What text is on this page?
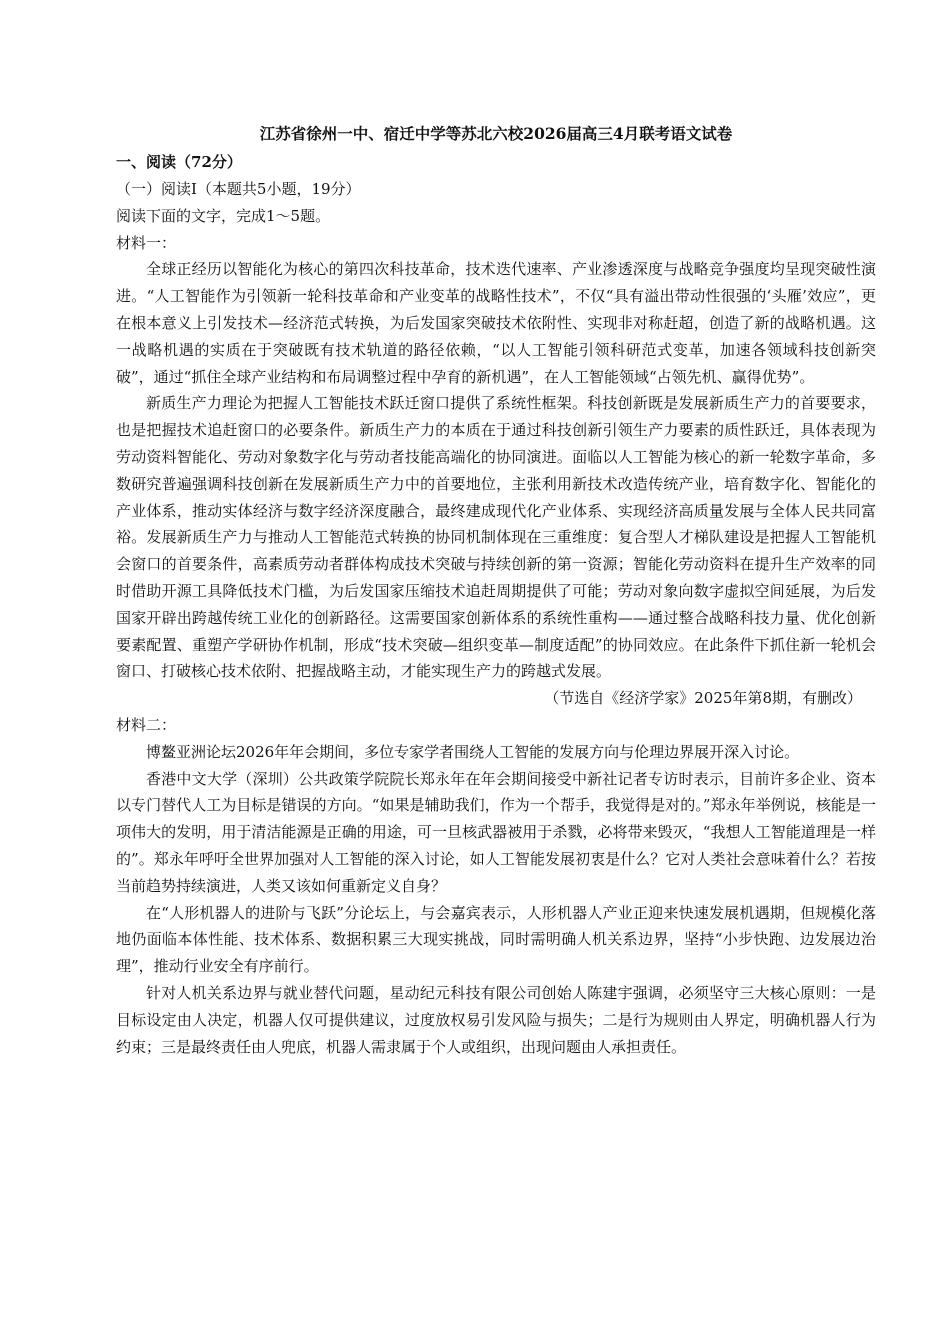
江苏省徐州一中、宿迁中学等苏北六校2026届高三4月联考语文试卷

一、阅读（72分）

（一）阅读Ⅰ（本题共5小题，19分）

阅读下面的文字，完成1～5题。

材料一：

全球正经历以智能化为核心的第四次科技革命，技术迭代速率、产业渗透深度与战略竞争强度均呈现突破性演进。“人工智能作为引领新一轮科技革命和产业变革的战略性技术”，不仅“具有溢出带动性很强的‘头雁’效应”，更在根本意义上引发技术—经济范式转换，为后发国家突破技术依附性、实现非对称赶超，创造了新的战略机遇。这一战略机遇的实质在于突破既有技术轨道的路径依赖，“以人工智能引领科研范式变革，加速各领域科技创新突破”，通过“抓住全球产业结构和布局调整过程中孕育的新机遇”，在人工智能领域“占领先机、赢得优势”。

新质生产力理论为把握人工智能技术跃迁窗口提供了系统性框架。科技创新既是发展新质生产力的首要要求，也是把握技术追赶窗口的必要条件。新质生产力的本质在于通过科技创新引领生产力要素的质性跃迁，具体表现为劳动资料智能化、劳动对象数字化与劳动者技能高端化的协同演进。面临以人工智能为核心的新一轮数字革命，多数研究普遍强调科技创新在发展新质生产力中的首要地位，主张利用新技术改造传统产业，培育数字化、智能化的产业体系，推动实体经济与数字经济深度融合，最终建成现代化产业体系、实现经济高质量发展与全体人民共同富裕。发展新质生产力与推动人工智能范式转换的协同机制体现在三重维度：复合型人才梯队建设是把握人工智能机会窗口的首要条件，高素质劳动者群体构成技术突破与持续创新的第一资源；智能化劳动资料在提升生产效率的同时借助开源工具降低技术门槛，为后发国家压缩技术追赶周期提供了可能；劳动对象向数字虚拟空间延展，为后发国家开辟出跨越传统工业化的创新路径。这需要国家创新体系的系统性重构——通过整合战略科技力量、优化创新要素配置、重塑产学研协作机制，形成“技术突破—组织变革—制度适配”的协同效应。在此条件下抓住新一轮机会窗口、打破核心技术依附、把握战略主动，才能实现生产力的跨越式发展。

（节选自《经济学家》2025年第8期，有删改）

材料二：

博鳌亚洲论坛2026年年会期间，多位专家学者围绕人工智能的发展方向与伦理边界展开深入讨论。

香港中文大学（深圳）公共政策学院院长郑永年在年会期间接受中新社记者专访时表示，目前许多企业、资本以专门替代人工为目标是错误的方向。“如果是辅助我们，作为一个帮手，我觉得是对的。”郑永年举例说，核能是一项伟大的发明，用于清洁能源是正确的用途，可一旦核武器被用于杀戮，必将带来毁灭，“我想人工智能道理是一样的”。郑永年呼吁全世界加强对人工智能的深入讨论，如人工智能发展初衷是什么？它对人类社会意味着什么？若按当前趋势持续演进，人类又该如何重新定义自身？

在“人形机器人的进阶与飞跃”分论坛上，与会嘉宾表示，人形机器人产业正迎来快速发展机遇期，但规模化落地仍面临本体性能、技术体系、数据积累三大现实挑战，同时需明确人机关系边界，坚持“小步快跑、边发展边治理”，推动行业安全有序前行。

针对人机关系边界与就业替代问题，星动纪元科技有限公司创始人陈建宇强调，必须坚守三大核心原则：一是目标设定由人决定，机器人仅可提供建议，过度放权易引发风险与损失；二是行为规则由人界定，明确机器人行为约束；三是最终责任由人兜底，机器人需隶属于个人或组织，出现问题由人承担责任。
